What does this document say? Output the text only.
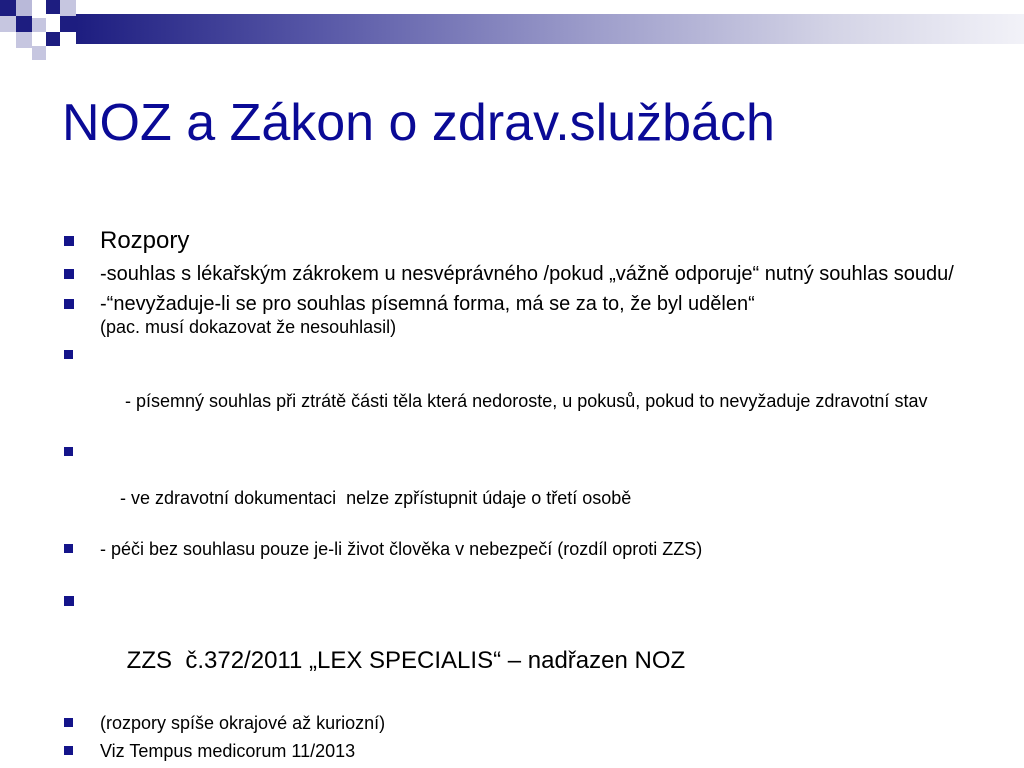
NOZ a Zákon o zdrav.službách
Rozpory
-souhlas s lékařským zákrokem u nesvéprávného /pokud „vážně odporuje“ nutný souhlas soudu/
-“nevyžaduje-li se pro souhlas písemná forma, má se za to, že byl udělen“
(pac. musí dokazovat že nesouhlasil)

- písemný souhlas při ztrátě části těla která nedoroste, u pokusů, pokud to nevyžaduje zdravotní stav

- ve zdravotní dokumentaci  nelze zpřístupnit údaje o třetí osobě

- péči bez souhlasu pouze je-li život člověka v nebezpečí (rozdíl oproti ZZS)

ZZS  č.372/2011 „LEX SPECIALIS“ – nadřazen NOZ

(rozpory spíše okrajové až kuriozní)
Viz Tempus medicorum 11/2013
